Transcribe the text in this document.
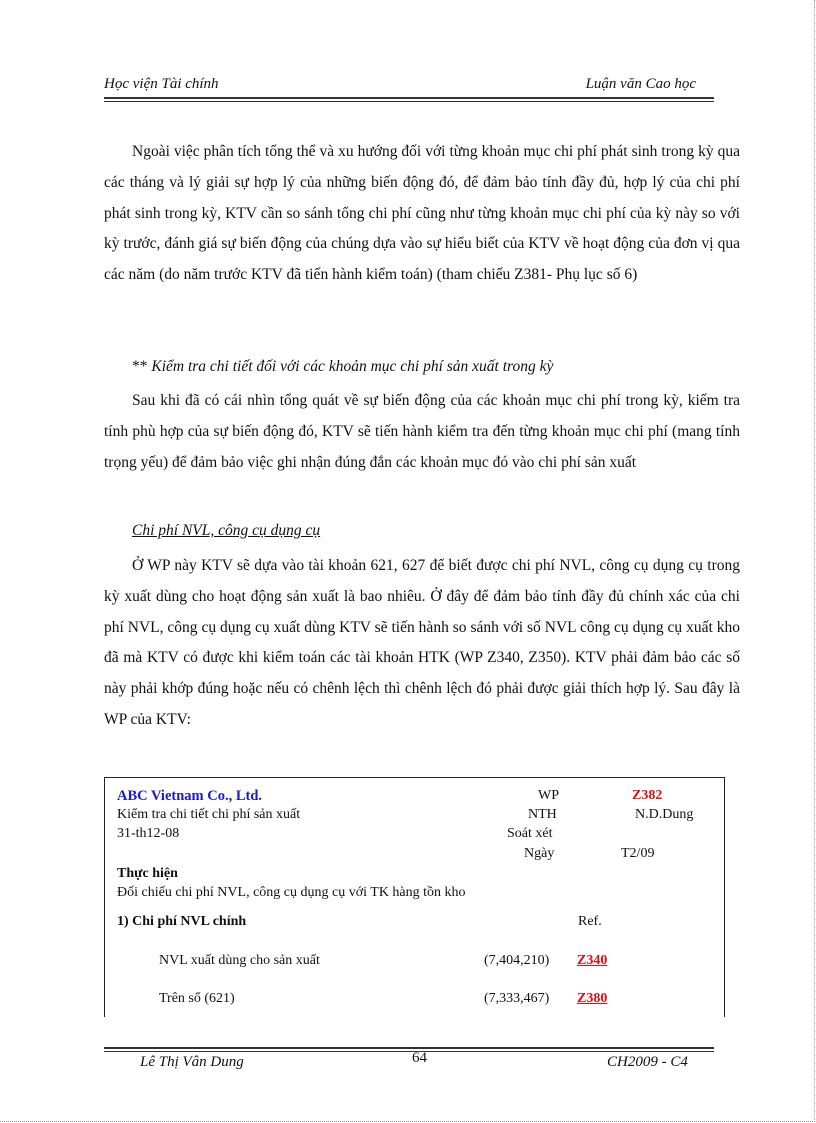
Học viện Tài chính	Luận văn Cao học

Ngoài việc phân tích tổng thể và xu hướng đối với từng khoản mục chi phí phát sinh trong kỳ qua các tháng và lý giải sự hợp lý của những biến động đó, để đảm bảo tính đầy đủ, hợp lý của chi phí phát sinh trong kỳ, KTV cần so sánh tổng chi phí cũng như từng khoản mục chi phí của kỳ này so với kỳ trước, đánh giá sự biến động của chúng dựa vào sự hiểu biết của KTV về hoạt động của đơn vị qua các năm (do năm trước KTV đã tiến hành kiểm toán) (tham chiếu Z381- Phụ lục số 6)

** Kiểm tra chi tiết đối với các khoản mục chi phí sản xuất trong kỳ

Sau khi đã có cái nhìn tổng quát về sự biến động của các khoản mục chi phí trong kỳ, kiểm tra tính phù hợp của sự biến động đó, KTV sẽ tiến hành kiểm tra đến từng khoản mục chi phí (mang tính trọng yếu) để đảm bảo việc ghi nhận đúng đắn các khoản mục đó vào chi phí sản xuất

Chi phí NVL, công cụ dụng cụ

Ở WP này KTV sẽ dựa vào tài khoản 621, 627 để biết được chi phí NVL, công cụ dụng cụ trong kỳ xuất dùng cho hoạt động sản xuất là bao nhiêu. Ở đây để đảm bảo tính đầy đủ chính xác của chi phí NVL, công cụ dụng cụ xuất dùng KTV sẽ tiến hành so sánh với số NVL công cụ dụng cụ xuất kho đã mà KTV có được khi kiểm toán các tài khoản HTK (WP Z340, Z350). KTV phải đảm bảo các số này phải khớp đúng hoặc nếu có chênh lệch thì chênh lệch đó phải được giải thích hợp lý. Sau đây là WP của KTV:

ABC Vietnam Co., Ltd.
Kiểm tra chi tiết chi phí sản xuất
31-th12-08
WP	Z382
NTH	N.D.Dung
Soát xét
Ngày	T2/09
Thực hiện
Đối chiếu chi phí NVL, công cụ dụng cụ với TK hàng tồn kho
1) Chi phí NVL chính	Ref.
NVL xuất dùng cho sản xuất	(7,404,210) Z340
Trên sổ (621)	(7,333,467) Z380
Lê Thị Vân Dung	64	CH2009 - C4
